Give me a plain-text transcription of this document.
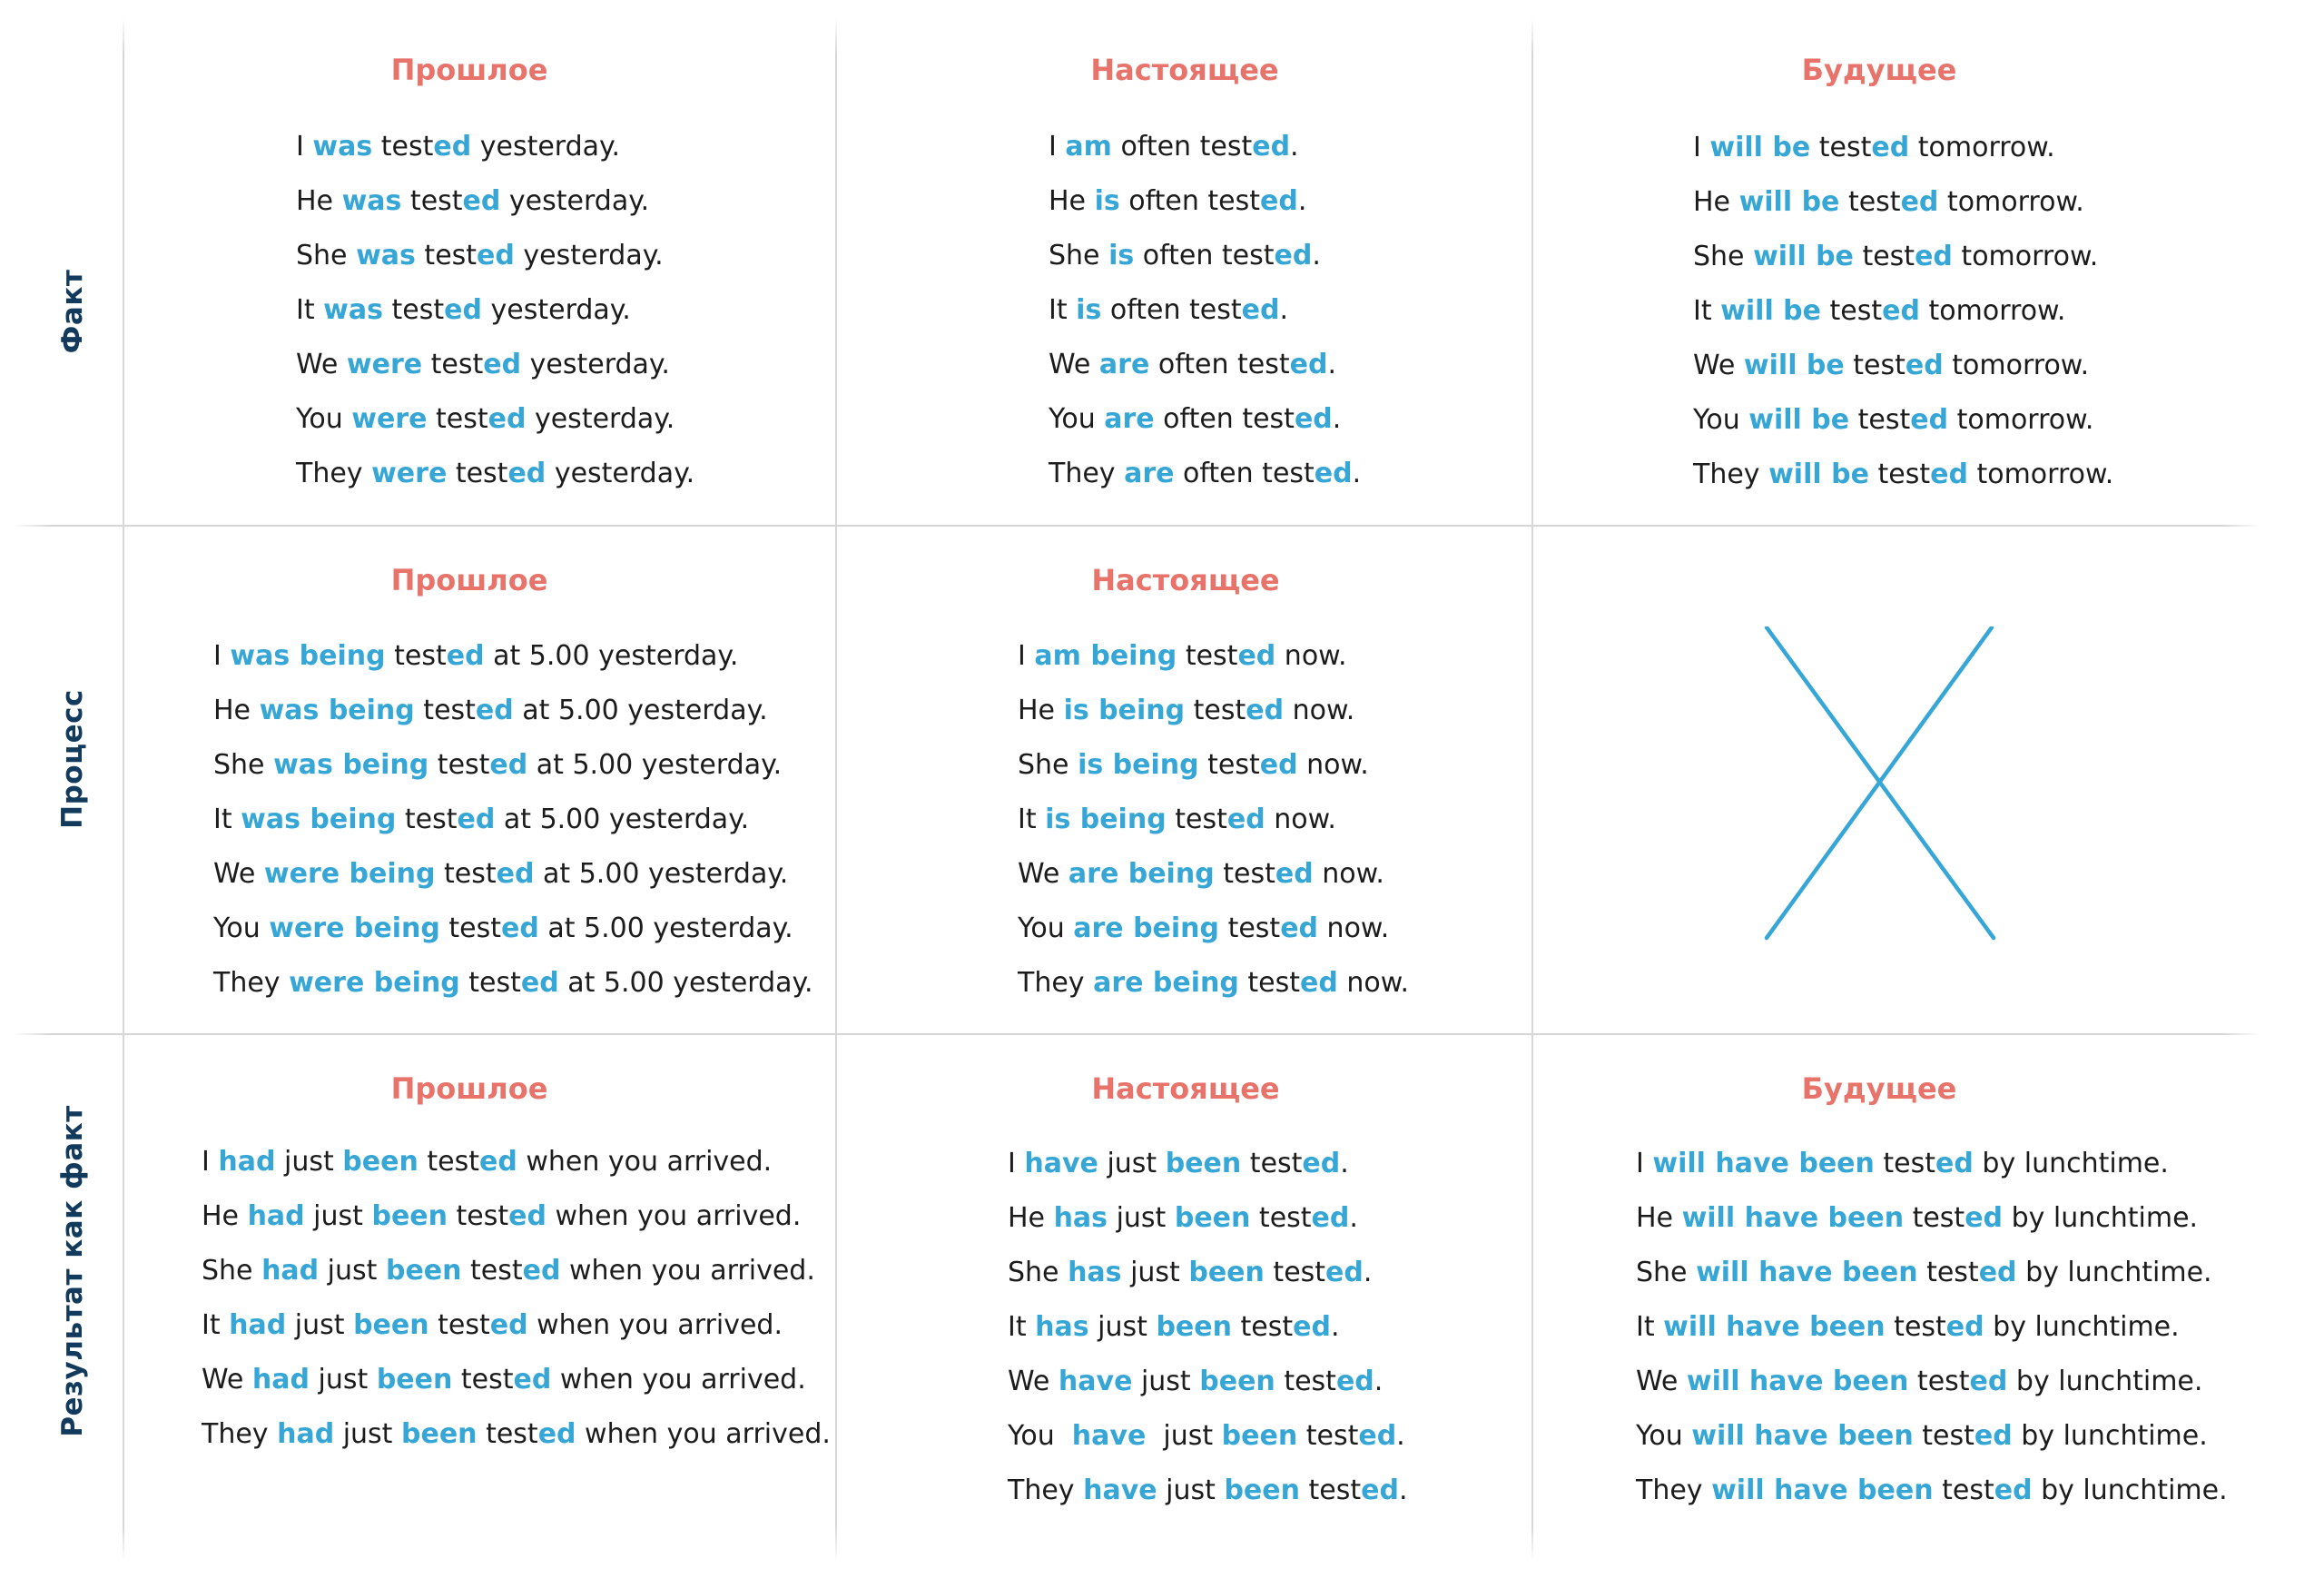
Факт
Процесс
Результат как факт
Прошлое
I was tested yesterday.
He was tested yesterday.
She was tested yesterday.
It was tested yesterday.
We were tested yesterday.
You were tested yesterday.
They were tested yesterday.
Настоящее
I am often tested.
He is often tested.
She is often tested.
It is often tested.
We are often tested.
You are often tested.
They are often tested.
Будущее
I will be tested tomorrow.
He will be tested tomorrow.
She will be tested tomorrow.
It will be tested tomorrow.
We will be tested tomorrow.
You will be tested tomorrow.
They will be tested tomorrow.
Прошлое
I was being tested at 5.00 yesterday.
He was being tested at 5.00 yesterday.
She was being tested at 5.00 yesterday.
It was being tested at 5.00 yesterday.
We were being tested at 5.00 yesterday.
You were being tested at 5.00 yesterday.
They were being tested at 5.00 yesterday.
Настоящее
I am being tested now.
He is being tested now.
She is being tested now.
It is being tested now.
We are being tested now.
You are being tested now.
They are being tested now.
Прошлое
I had just been tested when you arrived.
He had just been tested when you arrived.
She had just been tested when you arrived.
It had just been tested when you arrived.
We had just been tested when you arrived.
They had just been tested when you arrived.
Настоящее
I have just been tested.
He has just been tested.
She has just been tested.
It has just been tested.
We have just been tested.
You  have  just been tested.
They have just been tested.
Будущее
I will have been tested by lunchtime.
He will have been tested by lunchtime.
She will have been tested by lunchtime.
It will have been tested by lunchtime.
We will have been tested by lunchtime.
You will have been tested by lunchtime.
They will have been tested by lunchtime.
